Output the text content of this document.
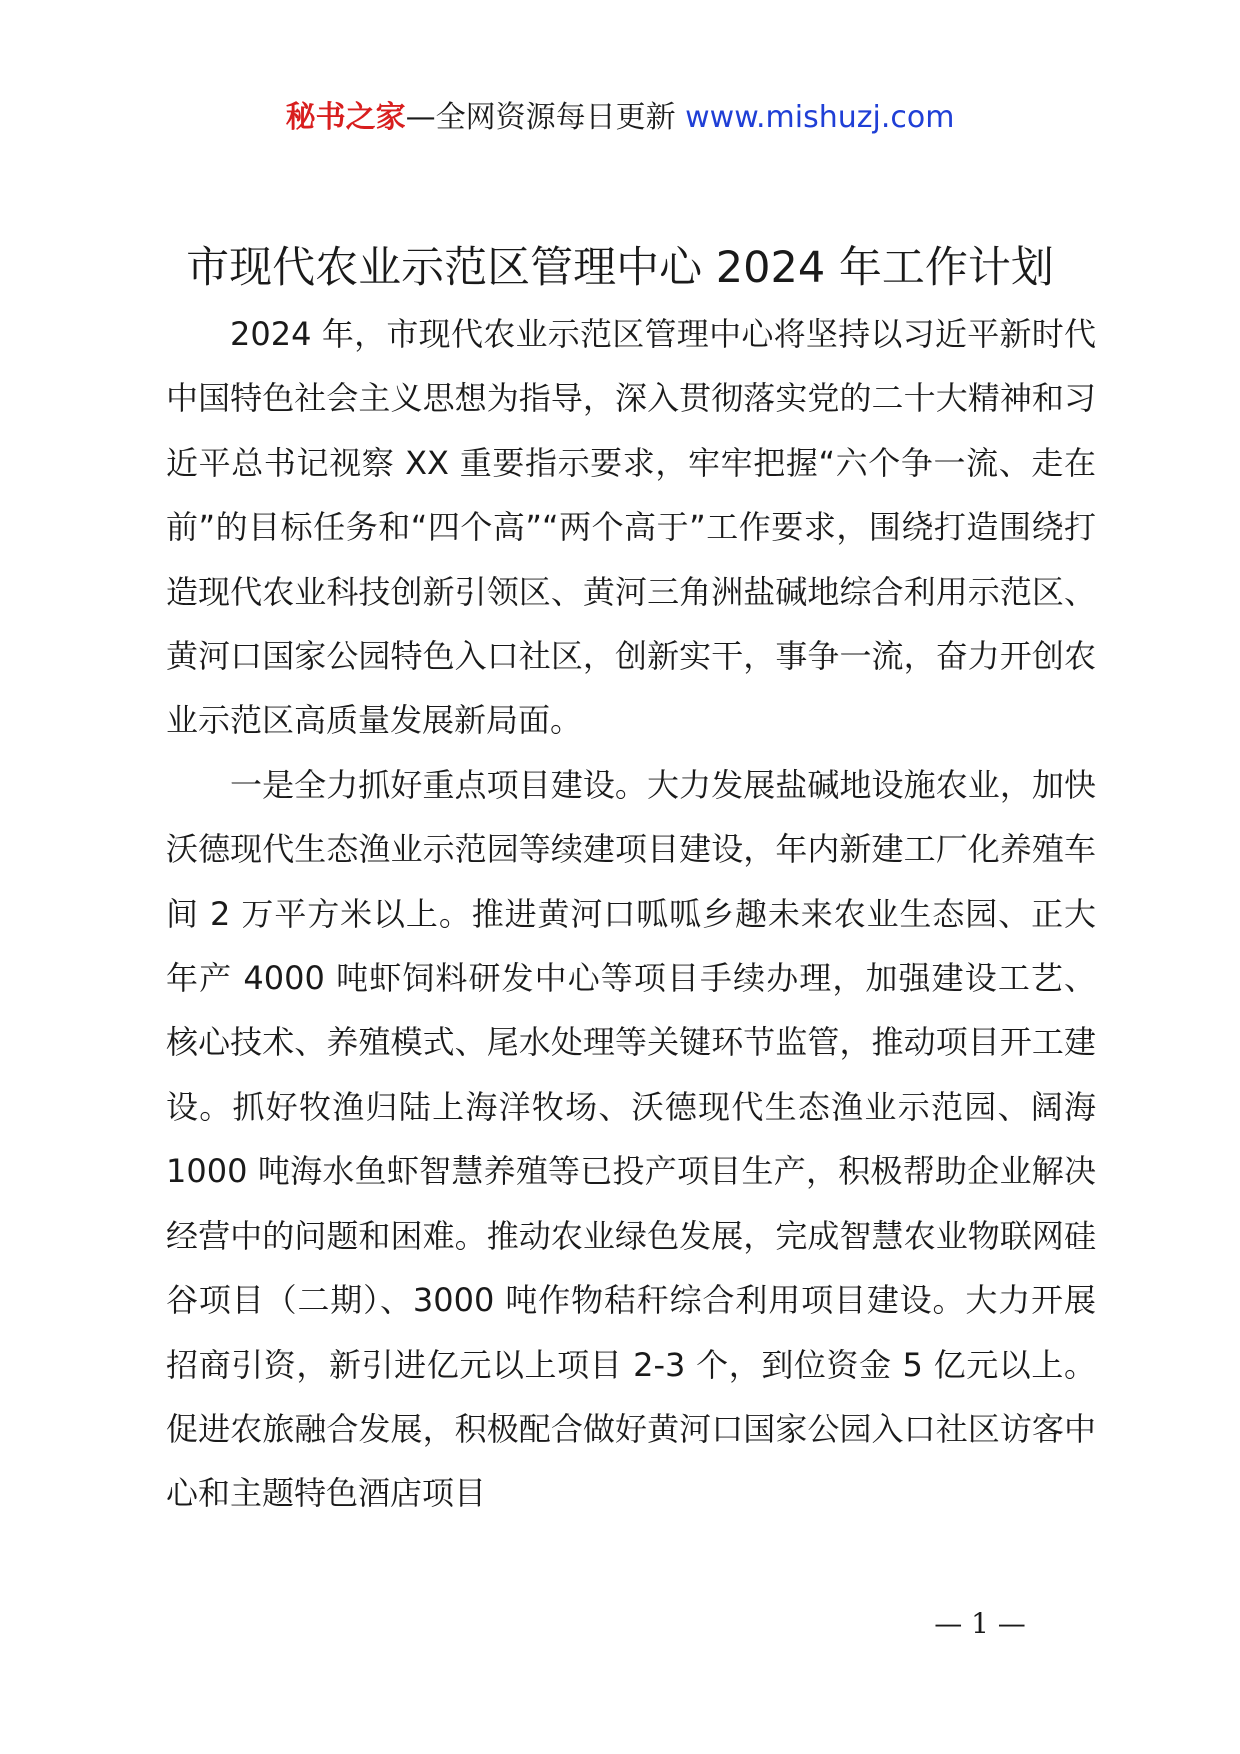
秘书之家—全网资源每日更新 www.mishuzj.com
市现代农业示范区管理中心 2024 年工作计划

2024 年，市现代农业示范区管理中心将坚持以习近平新时代中国特色社会主义思想为指导，深入贯彻落实党的二十大精神和习近平总书记视察 XX 重要指示要求，牢牢把握“六个争一流、走在前”的目标任务和“四个高”“两个高于”工作要求，围绕打造围绕打造现代农业科技创新引领区、黄河三角洲盐碱地综合利用示范区、黄河口国家公园特色入口社区，创新实干，事争一流，奋力开创农业示范区高质量发展新局面。

一是全力抓好重点项目建设。大力发展盐碱地设施农业，加快沃德现代生态渔业示范园等续建项目建设，年内新建工厂化养殖车间 2 万平方米以上。推进黄河口呱呱乡趣未来农业生态园、正大年产 4000 吨虾饲料研发中心等项目手续办理，加强建设工艺、核心技术、养殖模式、尾水处理等关键环节监管，推动项目开工建设。抓好牧渔归陆上海洋牧场、沃德现代生态渔业示范园、阔海 1000 吨海水鱼虾智慧养殖等已投产项目生产，积极帮助企业解决经营中的问题和困难。推动农业绿色发展，完成智慧农业物联网硅谷项目（二期）、3000 吨作物秸秆综合利用项目建设。大力开展招商引资，新引进亿元以上项目 2-3 个，到位资金 5 亿元以上。促进农旅融合发展，积极配合做好黄河口国家公园入口社区访客中心和主题特色酒店项目

— 1 —
